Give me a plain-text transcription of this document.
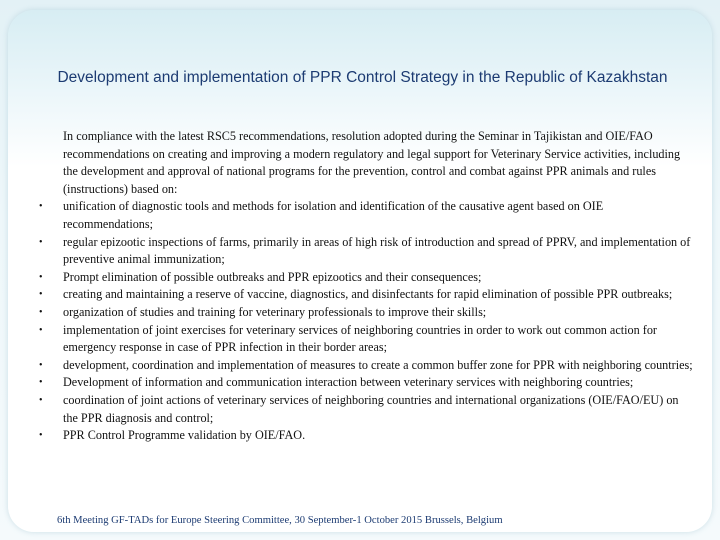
Development and implementation of PPR Control Strategy in the Republic of Kazakhstan
In compliance with the latest RSC5 recommendations, resolution adopted during the Seminar in Tajikistan and OIE/FAO recommendations on creating and improving a modern regulatory and legal support for Veterinary Service activities, including the development and approval of national programs for the prevention, control and combat against PPR animals and rules (instructions) based on:
• unification of diagnostic tools and methods for isolation and identification of the causative agent based on OIE recommendations;
• regular epizootic inspections of farms, primarily in areas of high risk of introduction and spread of PPRV, and implementation of preventive animal immunization;
• Prompt elimination of possible outbreaks and PPR epizootics and their consequences;
• creating and maintaining a reserve of vaccine, diagnostics, and disinfectants for rapid elimination of possible PPR outbreaks;
• organization of studies and training for veterinary professionals to improve their skills;
• implementation of joint exercises for veterinary services of neighboring countries in order to work out common action for emergency response in case of PPR infection in their border areas;
• development, coordination and implementation of measures to create a common buffer zone for PPR with neighboring countries;
• Development of information and communication interaction between veterinary services with neighboring countries;
• coordination of joint actions of veterinary services of neighboring countries and international organizations (OIE/FAO/EU) on the PPR diagnosis and control;
• PPR Control Programme validation by OIE/FAO.
6th Meeting GF-TADs for Europe Steering Committee, 30 September-1 October 2015 Brussels, Belgium
